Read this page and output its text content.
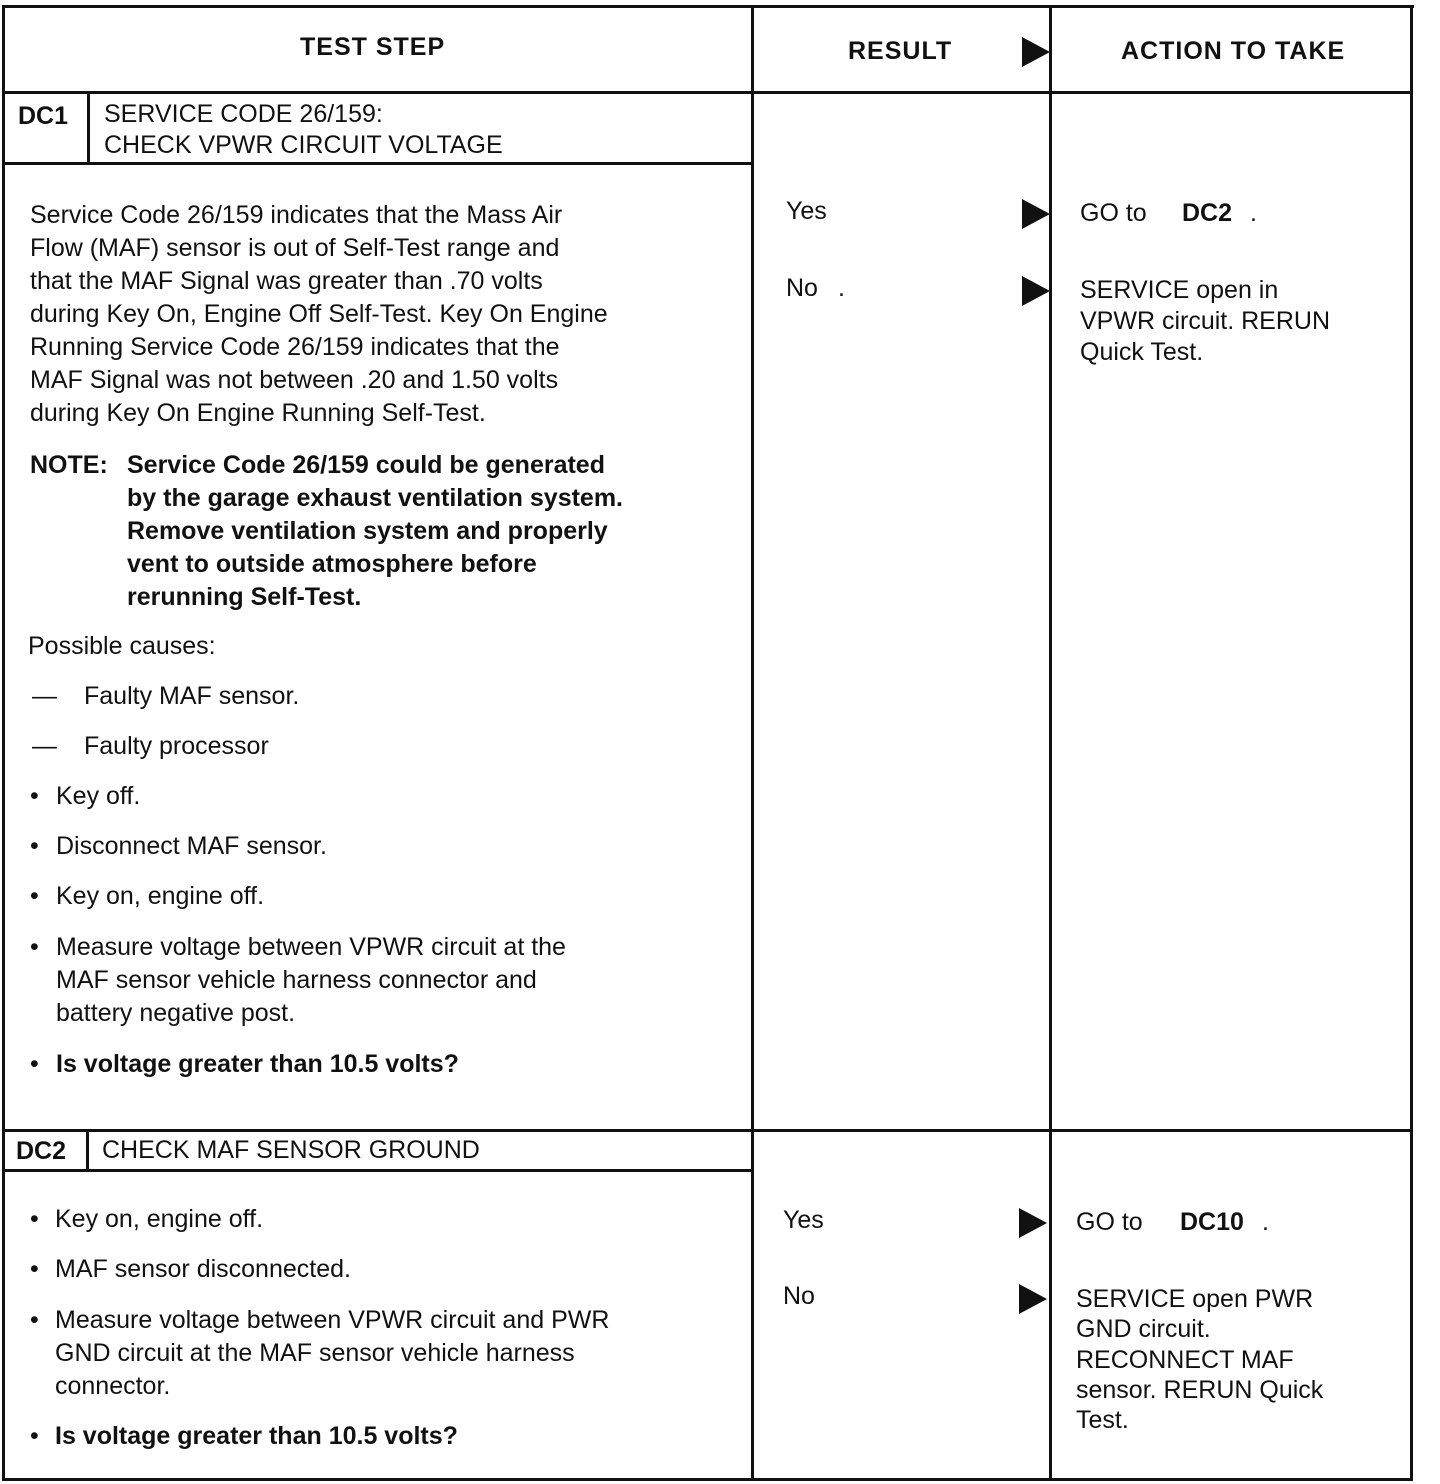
TEST STEP	RESULT	ACTION TO TAKE
DC1 SERVICE CODE 26/159:
CHECK VPWR CIRCUIT VOLTAGE
Service Code 26/159 indicates that the Mass Air
Flow (MAF) sensor is out of Self-Test range and
that the MAF Signal was greater than .70 volts
during Key On, Engine Off Self-Test. Key On Engine
Running Service Code 26/159 indicates that the
MAF Signal was not between .20 and 1.50 volts
during Key On Engine Running Self-Test.
NOTE: Service Code 26/159 could be generated
by the garage exhaust ventilation system.
Remove ventilation system and properly
vent to outside atmosphere before
rerunning Self-Test.
Possible causes:
— Faulty MAF sensor.
— Faulty processor
• Key off.
• Disconnect MAF sensor.
• Key on, engine off.
• Measure voltage between VPWR circuit at the
MAF sensor vehicle harness connector and
battery negative post.
• Is voltage greater than 10.5 volts?
Yes
No .
GO to DC2 .
SERVICE open in
VPWR circuit. RERUN
Quick Test.
DC2 CHECK MAF SENSOR GROUND
• Key on, engine off.
• MAF sensor disconnected.
• Measure voltage between VPWR circuit and PWR
GND circuit at the MAF sensor vehicle harness
connector.
• Is voltage greater than 10.5 volts?
Yes
No
GO to DC10 .
SERVICE open PWR
GND circuit.
RECONNECT MAF
sensor. RERUN Quick
Test.
